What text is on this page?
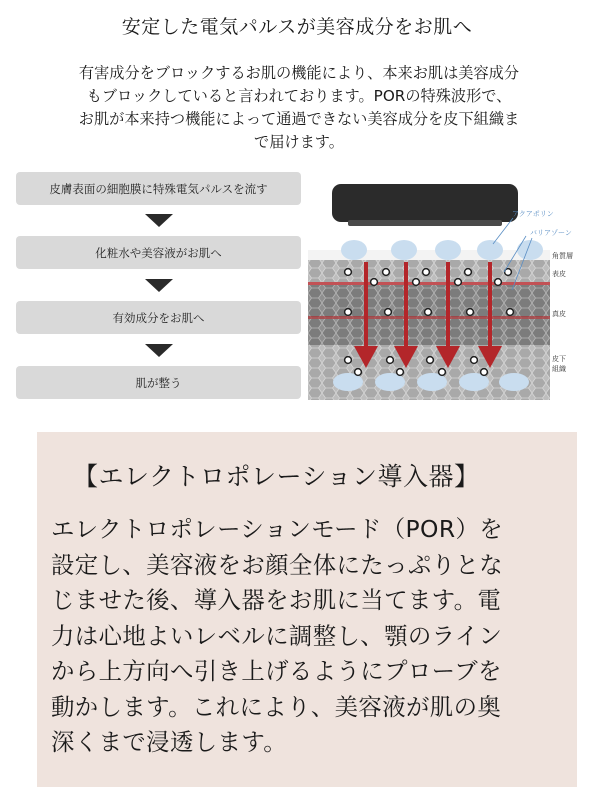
安定した電気パルスが美容成分をお肌へ
有害成分をブロックするお肌の機能により、本来お肌は美容成分
もブロックしていると言われております。PORの特殊波形で、
お肌が本来持つ機能によって通過できない美容成分を皮下組織ま
で届けます。
皮膚表面の細胞膜に特殊電気パルスを流す
化粧水や美容液がお肌へ
有効成分をお肌へ
肌が整う
アクアポリン
バリアゾーン
角質層
表皮
真皮
皮下
組織
【エレクトロポレーション導入器】
エレクトロポレーションモード（POR）を
設定し、美容液をお顔全体にたっぷりとな
じませた後、導入器をお肌に当てます。電
力は心地よいレベルに調整し、顎のライン
から上方向へ引き上げるようにプローブを
動かします。これにより、美容液が肌の奥
深くまで浸透します。
